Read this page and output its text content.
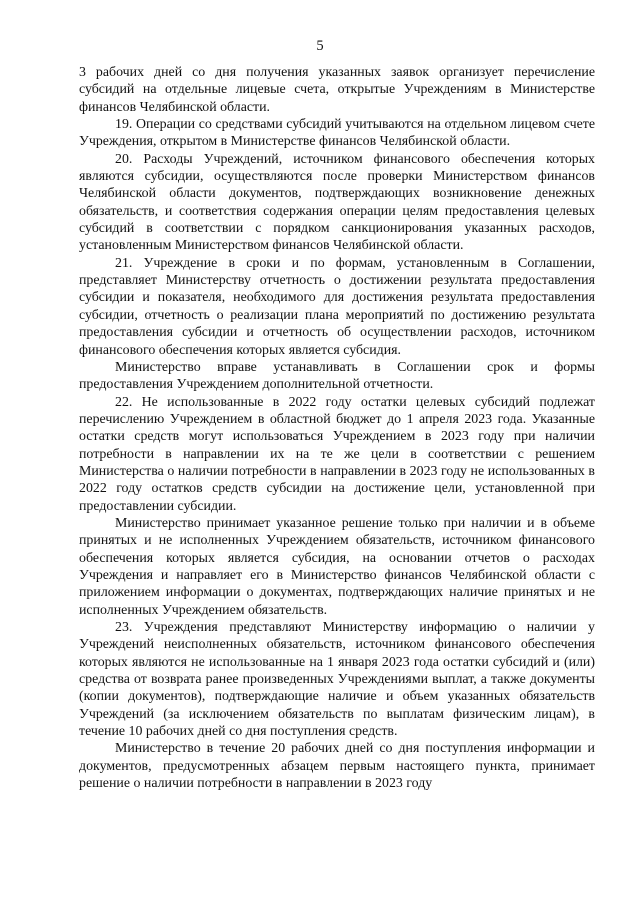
5

3 рабочих дней со дня получения указанных заявок организует перечисление субсидий на отдельные лицевые счета, открытые Учреждениям в Министерстве финансов Челябинской области.

19. Операции со средствами субсидий учитываются на отдельном лицевом счете Учреждения, открытом в Министерстве финансов Челябинской области.

20. Расходы Учреждений, источником финансового обеспечения которых являются субсидии, осуществляются после проверки Министерством финансов Челябинской области документов, подтверждающих возникновение денежных обязательств, и соответствия содержания операции целям предоставления целевых субсидий в соответствии с порядком санкционирования указанных расходов, установленным Министерством финансов Челябинской области.

21. Учреждение в сроки и по формам, установленным в Соглашении, представляет Министерству отчетность о достижении результата предоставления субсидии и показателя, необходимого для достижения результата предоставления субсидии, отчетность о реализации плана мероприятий по достижению результата предоставления субсидии и отчетность об осуществлении расходов, источником финансового обеспечения которых является субсидия.

Министерство вправе устанавливать в Соглашении срок и формы предоставления Учреждением дополнительной отчетности.

22. Не использованные в 2022 году остатки целевых субсидий подлежат перечислению Учреждением в областной бюджет до 1 апреля 2023 года. Указанные остатки средств могут использоваться Учреждением в 2023 году при наличии потребности в направлении их на те же цели в соответствии с решением Министерства о наличии потребности в направлении в 2023 году не использованных в 2022 году остатков средств субсидии на достижение цели, установленной при предоставлении субсидии.

Министерство принимает указанное решение только при наличии и в объеме принятых и не исполненных Учреждением обязательств, источником финансового обеспечения которых является субсидия, на основании отчетов о расходах Учреждения и направляет его в Министерство финансов Челябинской области с приложением информации о документах, подтверждающих наличие принятых и не исполненных Учреждением обязательств.

23. Учреждения представляют Министерству информацию о наличии у Учреждений неисполненных обязательств, источником финансового обеспечения которых являются не использованные на 1 января 2023 года остатки субсидий и (или) средства от возврата ранее произведенных Учреждениями выплат, а также документы (копии документов), подтверждающие наличие и объем указанных обязательств Учреждений (за исключением обязательств по выплатам физическим лицам), в течение 10 рабочих дней со дня поступления средств.

Министерство в течение 20 рабочих дней со дня поступления информации и документов, предусмотренных абзацем первым настоящего пункта, принимает решение о наличии потребности в направлении в 2023 году
